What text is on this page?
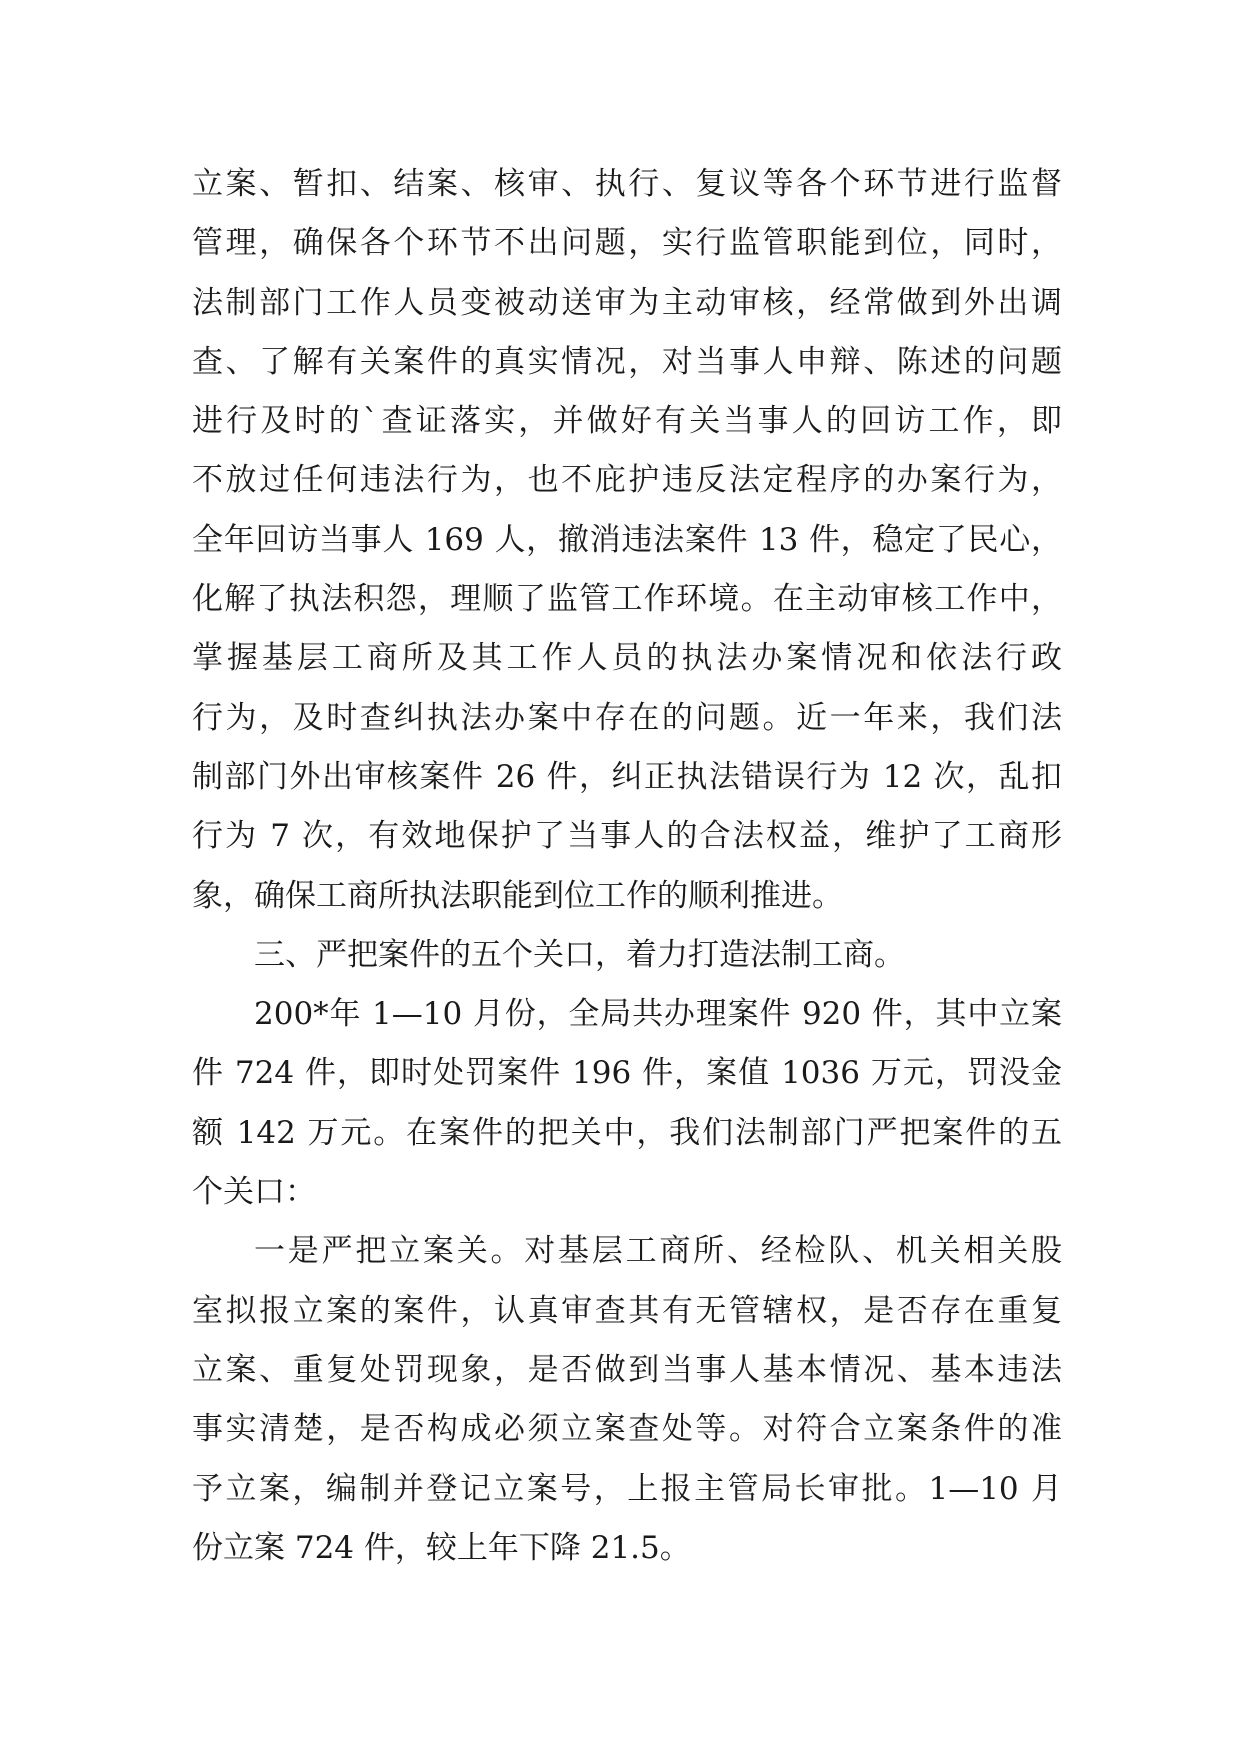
立案、暂扣、结案、核审、执行、复议等各个环节进行监督
管理，确保各个环节不出问题，实行监管职能到位，同时，
法制部门工作人员变被动送审为主动审核，经常做到外出调
查、了解有关案件的真实情况，对当事人申辩、陈述的问题
进行及时的`查证落实，并做好有关当事人的回访工作，即
不放过任何违法行为，也不庇护违反法定程序的办案行为，
全年回访当事人 169 人，撤消违法案件 13 件，稳定了民心，
化解了执法积怨，理顺了监管工作环境。在主动审核工作中，
掌握基层工商所及其工作人员的执法办案情况和依法行政
行为，及时查纠执法办案中存在的问题。近一年来，我们法
制部门外出审核案件 26 件，纠正执法错误行为 12 次，乱扣
行为 7 次，有效地保护了当事人的合法权益，维护了工商形
象，确保工商所执法职能到位工作的顺利推进。
三、严把案件的五个关口，着力打造法制工商。
200*年 1—10 月份，全局共办理案件 920 件，其中立案
件 724 件，即时处罚案件 196 件，案值 1036 万元，罚没金
额 142 万元。在案件的把关中，我们法制部门严把案件的五
个关口：
一是严把立案关。对基层工商所、经检队、机关相关股
室拟报立案的案件，认真审查其有无管辖权，是否存在重复
立案、重复处罚现象，是否做到当事人基本情况、基本违法
事实清楚，是否构成必须立案查处等。对符合立案条件的准
予立案，编制并登记立案号，上报主管局长审批。1—10 月
份立案 724 件，较上年下降 21.5。
